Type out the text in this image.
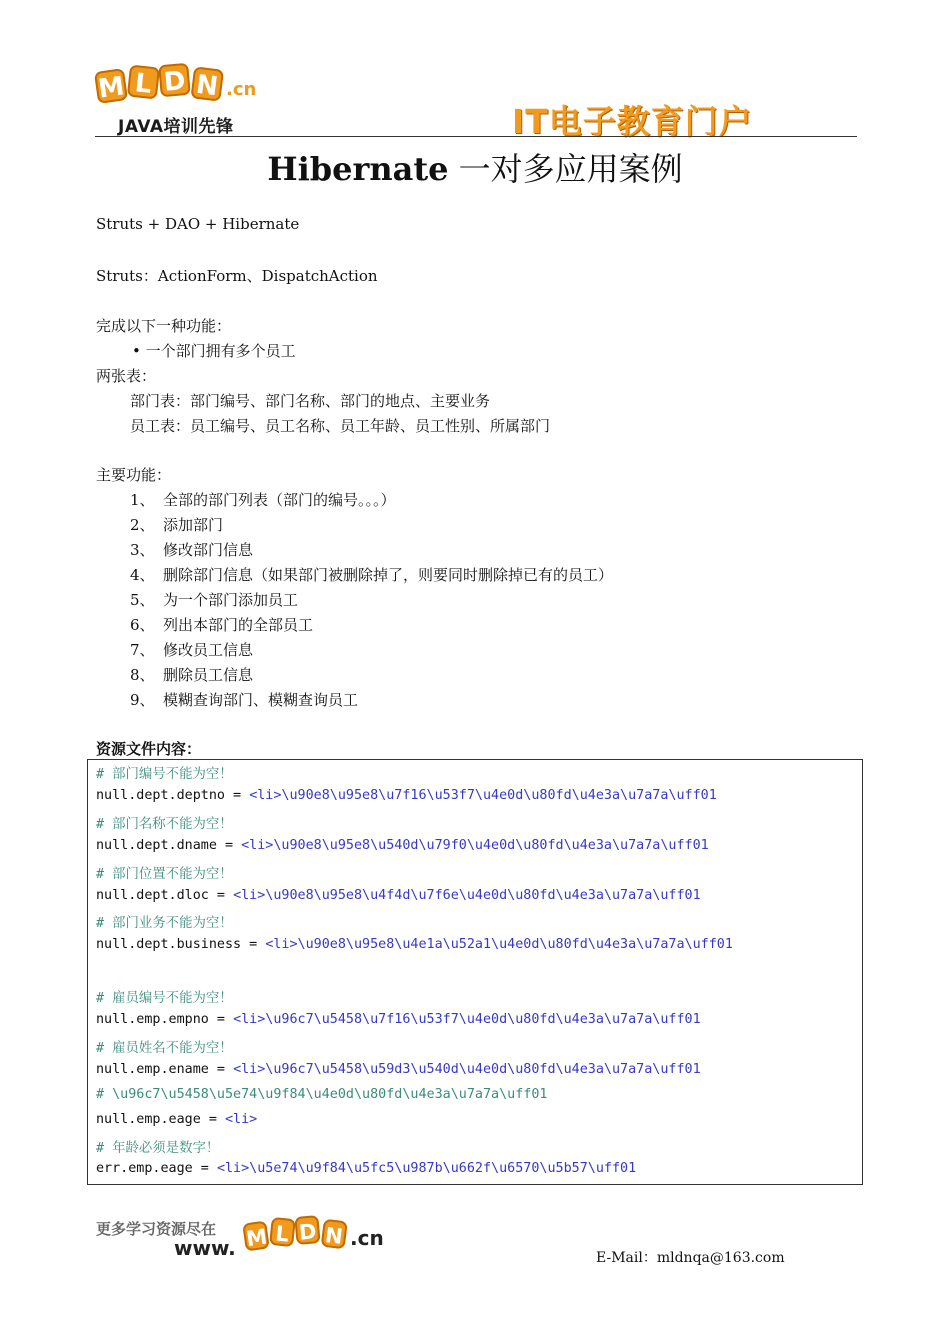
M L D N .cn
JAVA培训先锋	IT电子教育门户
Hibernate 一对多应用案例
Struts + DAO + Hibernate
Struts：ActionForm、DispatchAction
完成以下一种功能：
• 一个部门拥有多个员工
两张表：
部门表：部门编号、部门名称、部门的地点、主要业务
员工表：员工编号、员工名称、员工年龄、员工性别、所属部门
主要功能：
1、 全部的部门列表（部门的编号。。。）
2、 添加部门
3、 修改部门信息
4、 删除部门信息（如果部门被删除掉了，则要同时删除掉已有的员工）
5、 为一个部门添加员工
6、 列出本部门的全部员工
7、 修改员工信息
8、 删除员工信息
9、 模糊查询部门、模糊查询员工
资源文件内容：
# 部门编号不能为空！
null.dept.deptno = <li>\u90e8\u95e8\u7f16\u53f7\u4e0d\u80fd\u4e3a\u7a7a\uff01
# 部门名称不能为空！
null.dept.dname = <li>\u90e8\u95e8\u540d\u79f0\u4e0d\u80fd\u4e3a\u7a7a\uff01
# 部门位置不能为空！
null.dept.dloc = <li>\u90e8\u95e8\u4f4d\u7f6e\u4e0d\u80fd\u4e3a\u7a7a\uff01
# 部门业务不能为空！
null.dept.business = <li>\u90e8\u95e8\u4e1a\u52a1\u4e0d\u80fd\u4e3a\u7a7a\uff01
# 雇员编号不能为空！
null.emp.empno = <li>\u96c7\u5458\u7f16\u53f7\u4e0d\u80fd\u4e3a\u7a7a\uff01
# 雇员姓名不能为空！
null.emp.ename = <li>\u96c7\u5458\u59d3\u540d\u4e0d\u80fd\u4e3a\u7a7a\uff01
# \u96c7\u5458\u5e74\u9f84\u4e0d\u80fd\u4e3a\u7a7a\uff01
null.emp.eage = <li>
# 年龄必须是数字！
err.emp.eage = <li>\u5e74\u9f84\u5fc5\u987b\u662f\u6570\u5b57\uff01
更多学习资源尽在
www. M L D N .cn
E-Mail：mldnqa@163.com
